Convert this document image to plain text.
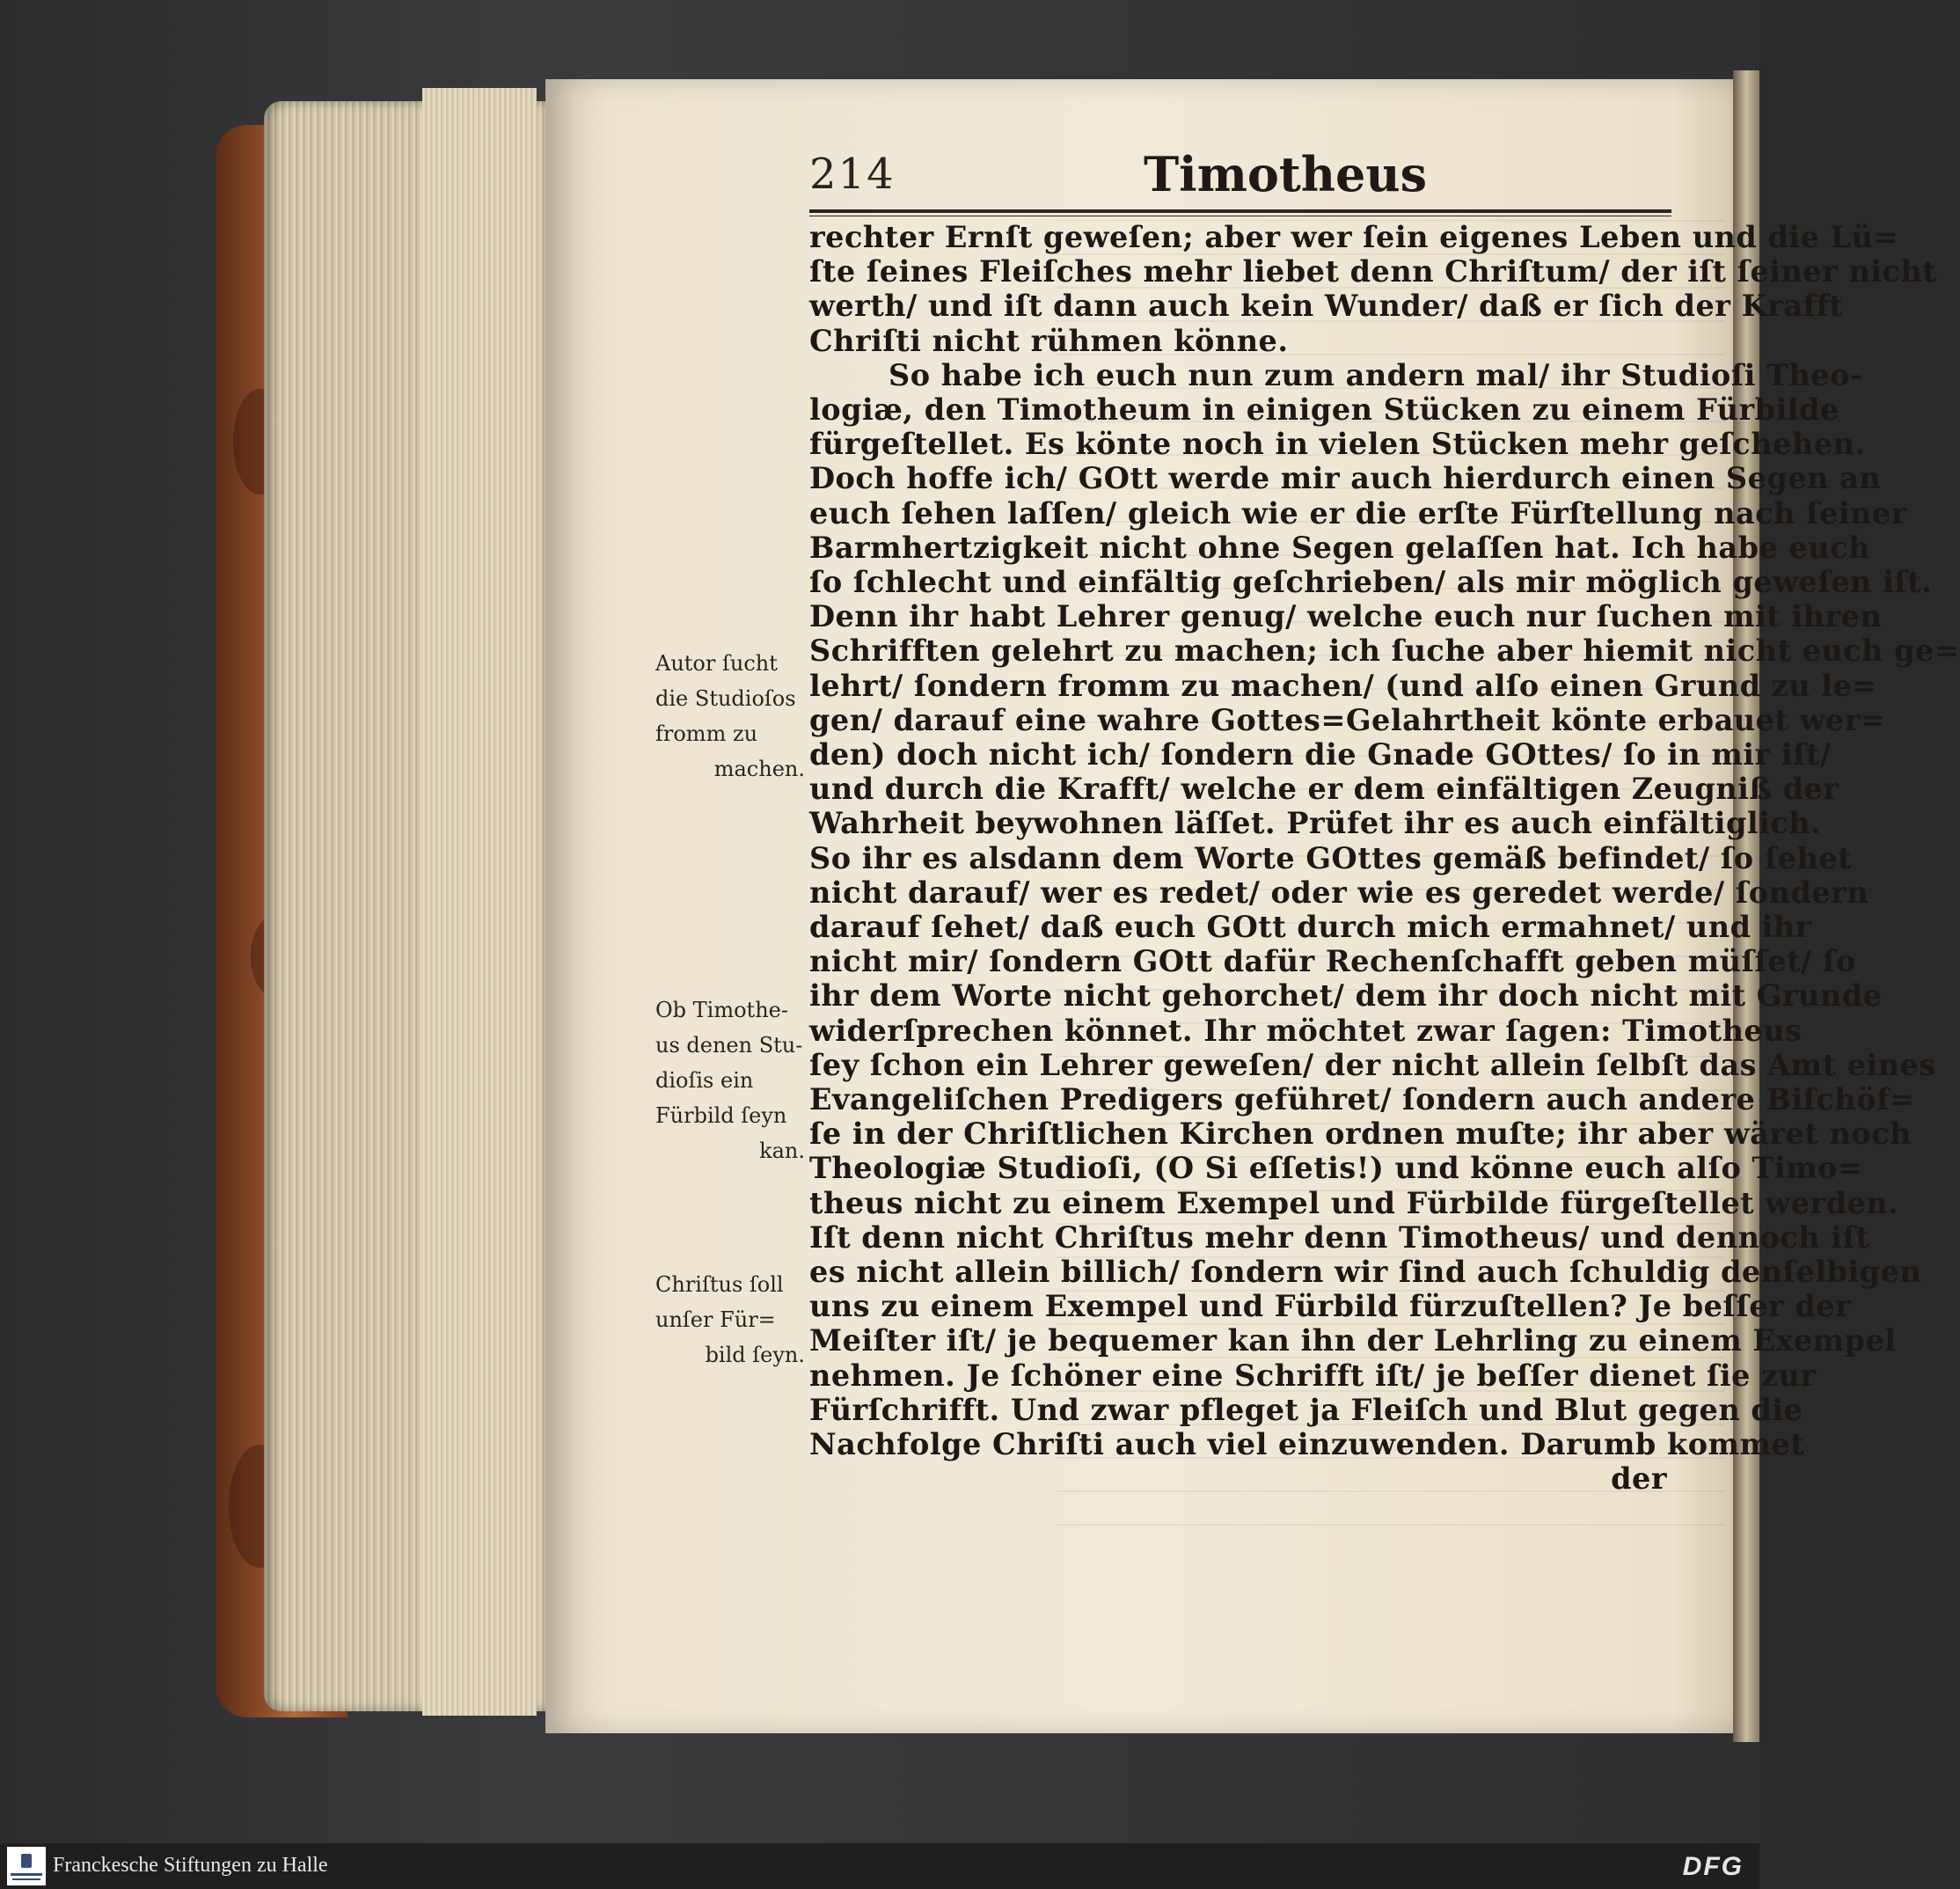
214	Timotheus
rechter Ernſt geweſen; aber wer ſein eigenes Leben und die Lü=
ſte ſeines Fleiſches mehr liebet denn Chriſtum/ der iſt ſeiner nicht
werth/ und iſt dann auch kein Wunder/ daß er ſich der Krafft
Chriſti nicht rühmen könne.
So habe ich euch nun zum andern mal/ ihr Studioſi Theo-
logiæ, den Timotheum in einigen Stücken zu einem Fürbilde
fürgeſtellet. Es könte noch in vielen Stücken mehr geſchehen.
Doch hoffe ich/ GOtt werde mir auch hierdurch einen Segen an
euch ſehen laſſen/ gleich wie er die erſte Fürſtellung nach ſeiner
Barmhertzigkeit nicht ohne Segen gelaſſen hat. Ich habe euch
ſo ſchlecht und einfältig geſchrieben/ als mir möglich geweſen iſt.
Denn ihr habt Lehrer genug/ welche euch nur ſuchen mit ihren
Schrifften gelehrt zu machen; ich ſuche aber hiemit nicht euch ge=
lehrt/ ſondern fromm zu machen/ (und alſo einen Grund zu le=
gen/ darauf eine wahre Gottes=Gelahrtheit könte erbauet wer=
den) doch nicht ich/ ſondern die Gnade GOttes/ ſo in mir iſt/
und durch die Krafft/ welche er dem einfältigen Zeugniß der
Wahrheit beywohnen läſſet. Prüfet ihr es auch einfältiglich.
So ihr es alsdann dem Worte GOttes gemäß befindet/ ſo ſehet
nicht darauf/ wer es redet/ oder wie es geredet werde/ ſondern
darauf ſehet/ daß euch GOtt durch mich ermahnet/ und ihr
nicht mir/ ſondern GOtt dafür Rechenſchafft geben müſſet/ ſo
ihr dem Worte nicht gehorchet/ dem ihr doch nicht mit Grunde
widerſprechen könnet. Ihr möchtet zwar ſagen: Timotheus
ſey ſchon ein Lehrer geweſen/ der nicht allein ſelbſt das Amt eines
Evangeliſchen Predigers geführet/ ſondern auch andere Biſchöf=
ſe in der Chriſtlichen Kirchen ordnen muſte; ihr aber wäret noch
Theologiæ Studioſi, (O Si eſſetis!) und könne euch alſo Timo=
theus nicht zu einem Exempel und Fürbilde fürgeſtellet werden.
Iſt denn nicht Chriſtus mehr denn Timotheus/ und dennoch iſt
es nicht allein billich/ ſondern wir ſind auch ſchuldig denſelbigen
uns zu einem Exempel und Fürbild fürzuſtellen? Je beſſer der
Meiſter iſt/ je bequemer kan ihn der Lehrling zu einem Exempel
nehmen. Je ſchöner eine Schrifft iſt/ je beſſer dienet ſie zur
Fürſchrifft. Und zwar pfleget ja Fleiſch und Blut gegen die
Nachfolge Chriſti auch viel einzuwenden. Darumb kommet
der
Autor ſucht
die Studioſos
fromm zu
machen.
Ob Timothe-
us denen Stu-
dioſis ein
Fürbild ſeyn
kan.
Chriſtus ſoll
unſer Für=
bild ſeyn.
Franckesche Stiftungen zu Halle	DFG
